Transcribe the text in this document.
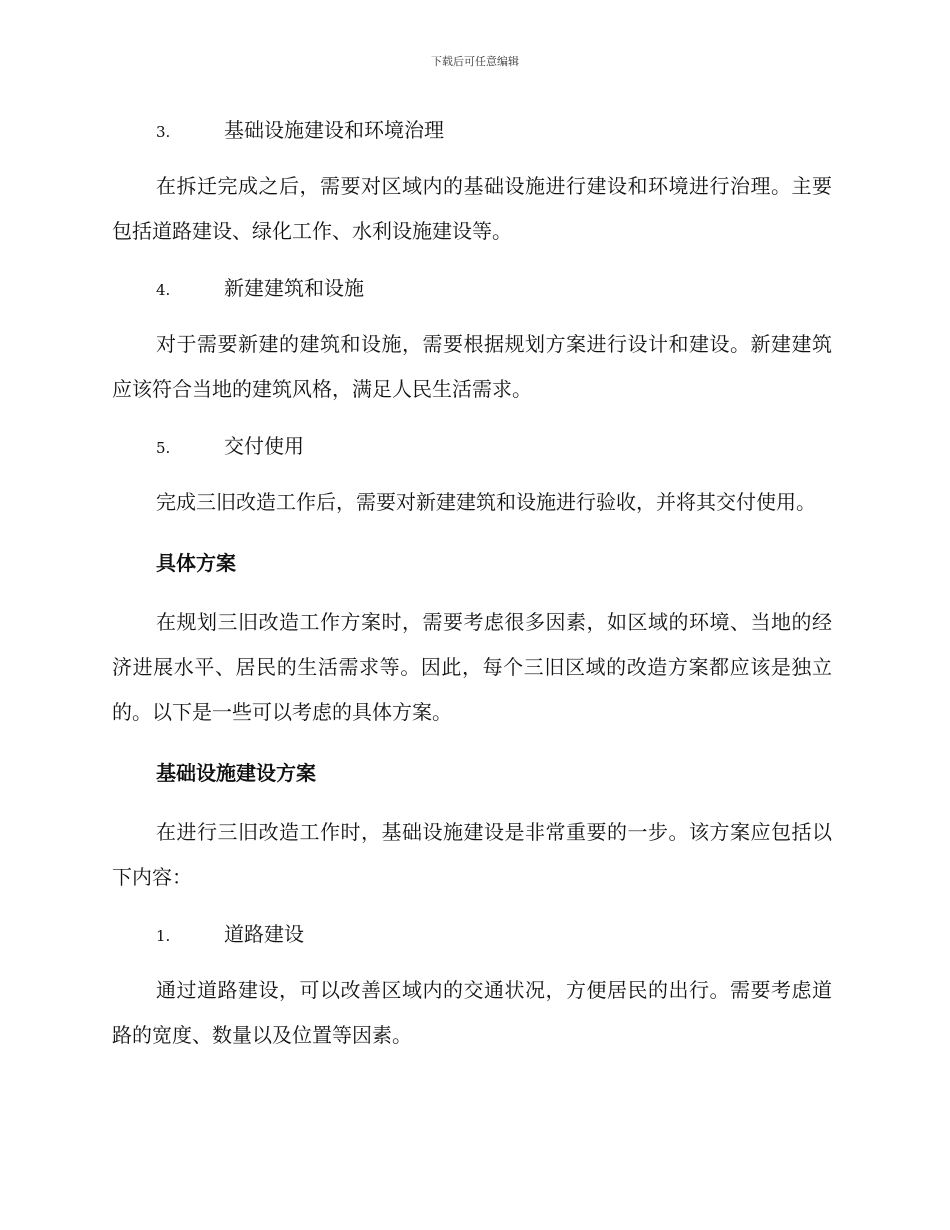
下载后可任意编辑
3.	基础设施建设和环境治理

在拆迁完成之后，需要对区域内的基础设施进行建设和环境进行治理。主要包括道路建设、绿化工作、水利设施建设等。

4.	新建建筑和设施

对于需要新建的建筑和设施，需要根据规划方案进行设计和建设。新建建筑应该符合当地的建筑风格，满足人民生活需求。

5.	交付使用

完成三旧改造工作后，需要对新建建筑和设施进行验收，并将其交付使用。

具体方案

在规划三旧改造工作方案时，需要考虑很多因素，如区域的环境、当地的经济进展水平、居民的生活需求等。因此，每个三旧区域的改造方案都应该是独立的。以下是一些可以考虑的具体方案。

基础设施建设方案

在进行三旧改造工作时，基础设施建设是非常重要的一步。该方案应包括以下内容：

1.	道路建设

通过道路建设，可以改善区域内的交通状况，方便居民的出行。需要考虑道路的宽度、数量以及位置等因素。
